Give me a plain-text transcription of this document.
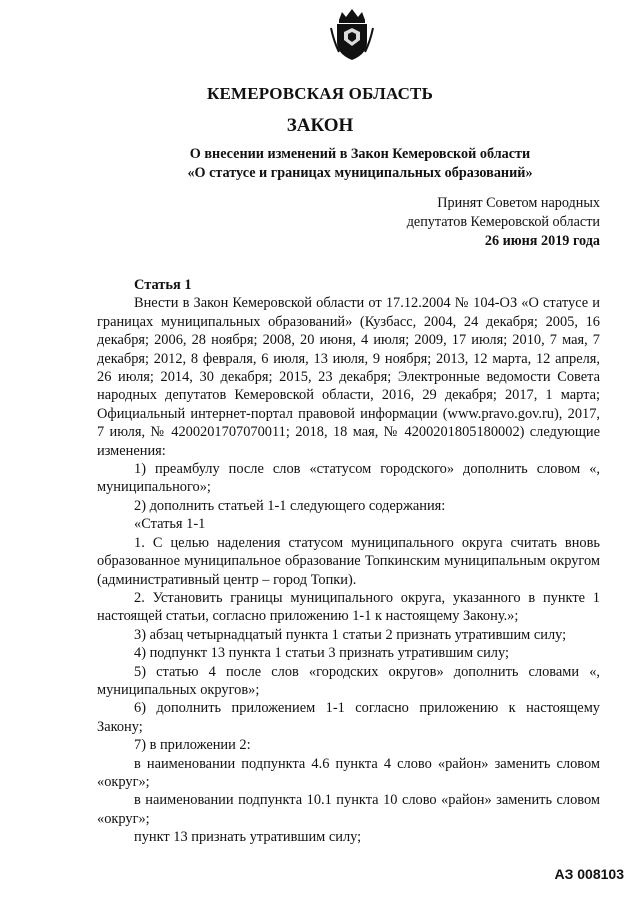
КЕМЕРОВСКАЯ ОБЛАСТЬ
ЗАКОН
О внесении изменений в Закон Кемеровской области
«О статусе и границах муниципальных образований»
Принят Советом народных
депутатов Кемеровской области
26 июня 2019 года

Статья 1

Внести в Закон Кемеровской области от 17.12.2004 № 104-ОЗ «О статусе и границах муниципальных образований» (Кузбасс, 2004, 24 декабря; 2005, 16 декабря; 2006, 28 ноября; 2008, 20 июня, 4 июля; 2009, 17 июля; 2010, 7 мая, 7 декабря; 2012, 8 февраля, 6 июля, 13 июля, 9 ноября; 2013, 12 марта, 12 апреля, 26 июля; 2014, 30 декабря; 2015, 23 декабря; Электронные ведомости Совета народных депутатов Кемеровской области, 2016, 29 декабря; 2017, 1 марта; Официальный интернет-портал правовой информации (www.pravo.gov.ru), 2017, 7 июля, № 4200201707070011; 2018, 18 мая, № 4200201805180002) следующие изменения:

1) преамбулу после слов «статусом городского» дополнить словом «, муниципального»;

2) дополнить статьей 1-1 следующего содержания:

«Статья 1-1

1. С целью наделения статусом муниципального округа считать вновь образованное муниципальное образование Топкинским муниципальным округом (административный центр – город Топки).

2. Установить границы муниципального округа, указанного в пункте 1 настоящей статьи, согласно приложению 1-1 к настоящему Закону.»;

3) абзац четырнадцатый пункта 1 статьи 2 признать утратившим силу;

4) подпункт 13 пункта 1 статьи 3 признать утратившим силу;

5) статью 4 после слов «городских округов» дополнить словами «, муниципальных округов»;

6) дополнить приложением 1-1 согласно приложению к настоящему Закону;

7) в приложении 2:

в наименовании подпункта 4.6 пункта 4 слово «район» заменить словом «округ»;

в наименовании подпункта 10.1 пункта 10 слово «район» заменить словом «округ»;

пункт 13 признать утратившим силу;

АЗ 008103
